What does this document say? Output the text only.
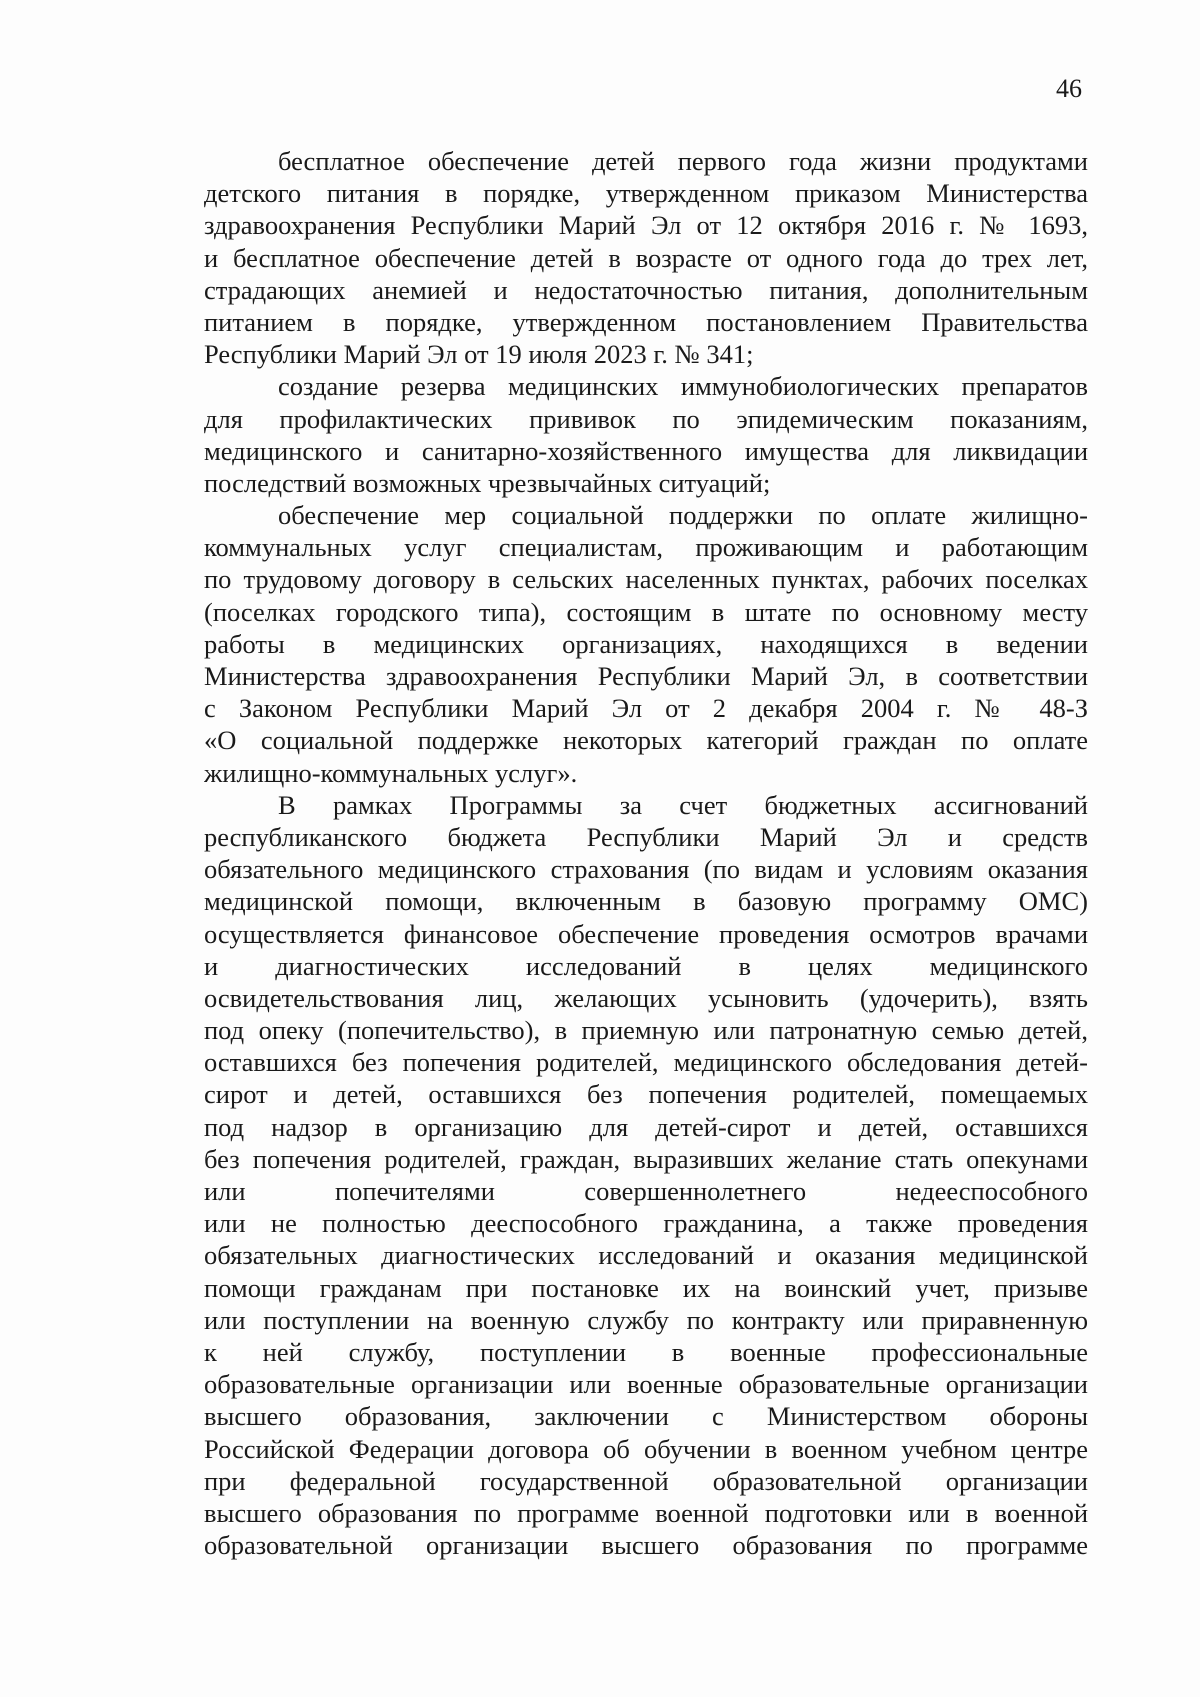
46
бесплатное обеспечение детей первого года жизни продуктами
детского питания в порядке, утвержденном приказом Министерства
здравоохранения Республики Марий Эл от 12 октября 2016 г. № 1693,
и бесплатное обеспечение детей в возрасте от одного года до трех лет,
страдающих анемией и недостаточностью питания, дополнительным
питанием в порядке, утвержденном постановлением Правительства
Республики Марий Эл от 19 июля 2023 г. № 341;
создание резерва медицинских иммунобиологических препаратов
для профилактических прививок по эпидемическим показаниям,
медицинского и санитарно-хозяйственного имущества для ликвидации
последствий возможных чрезвычайных ситуаций;
обеспечение мер социальной поддержки по оплате жилищно-
коммунальных услуг специалистам, проживающим и работающим
по трудовому договору в сельских населенных пунктах, рабочих поселках
(поселках городского типа), состоящим в штате по основному месту
работы в медицинских организациях, находящихся в ведении
Министерства здравоохранения Республики Марий Эл, в соответствии
с Законом Республики Марий Эл от 2 декабря 2004 г. № 48-З
«О социальной поддержке некоторых категорий граждан по оплате
жилищно-коммунальных услуг».
В рамках Программы за счет бюджетных ассигнований
республиканского бюджета Республики Марий Эл и средств
обязательного медицинского страхования (по видам и условиям оказания
медицинской помощи, включенным в базовую программу ОМС)
осуществляется финансовое обеспечение проведения осмотров врачами
и диагностических исследований в целях медицинского
освидетельствования лиц, желающих усыновить (удочерить), взять
под опеку (попечительство), в приемную или патронатную семью детей,
оставшихся без попечения родителей, медицинского обследования детей-
сирот и детей, оставшихся без попечения родителей, помещаемых
под надзор в организацию для детей-сирот и детей, оставшихся
без попечения родителей, граждан, выразивших желание стать опекунами
или попечителями совершеннолетнего недееспособного
или не полностью дееспособного гражданина, а также проведения
обязательных диагностических исследований и оказания медицинской
помощи гражданам при постановке их на воинский учет, призыве
или поступлении на военную службу по контракту или приравненную
к ней службу, поступлении в военные профессиональные
образовательные организации или военные образовательные организации
высшего образования, заключении с Министерством обороны
Российской Федерации договора об обучении в военном учебном центре
при федеральной государственной образовательной организации
высшего образования по программе военной подготовки или в военной
образовательной организации высшего образования по программе
